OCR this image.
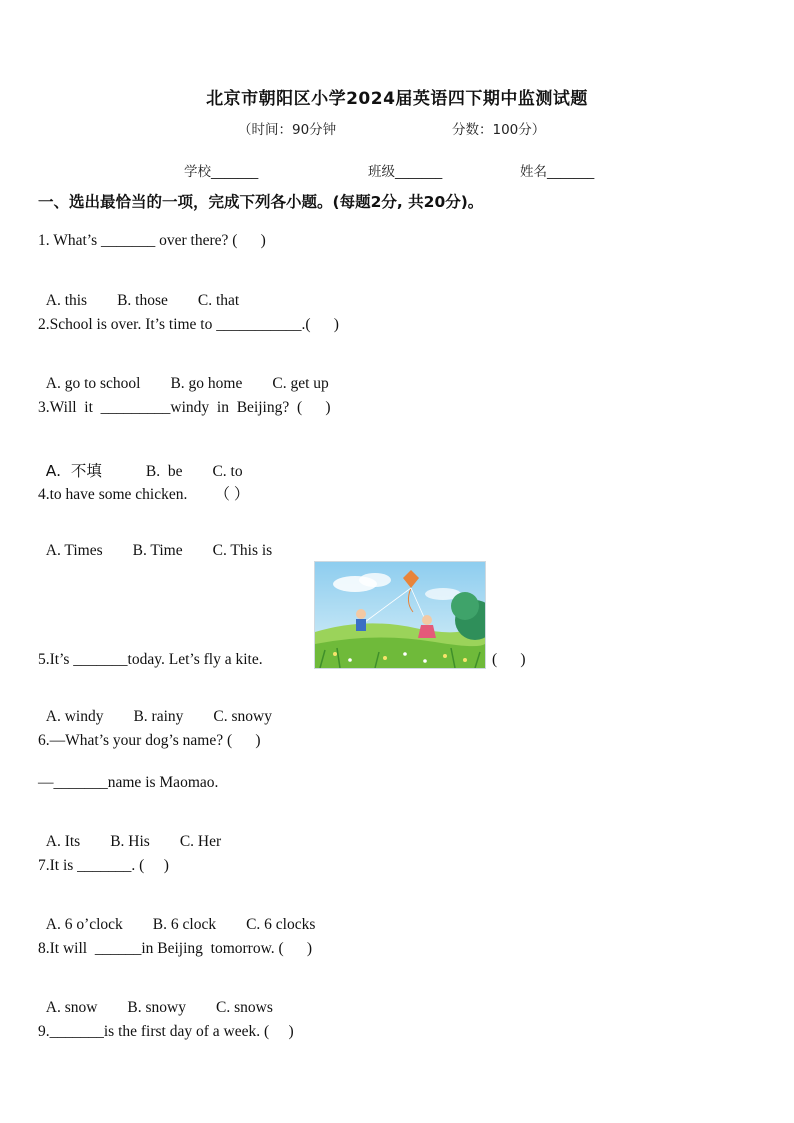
北京市朝阳区小学2024届英语四下期中监测试题
（时间：90分钟	分数：100分）
学校_______	班级_______	姓名_______
一、选出最恰当的一项，完成下列各小题。(每题2分, 共20分)。
1. What’s _______ over there? (      )

A. this B. those C. that

2.School is over. It’s time to ___________.(      )

A. go to school B. go home C. get up

3.Will  it  _________windy  in  Beijing?  (      )

A.  不填	B.  be C. to

4.to have some chicken.       （ ）

A. Times B. Time C. This is

5.It’s _______today. Let’s fly a kite.	(      )

A. windy B. rainy C. snowy

6.—What’s your dog’s name? (      )
—_______name is Maomao.

A. Its B. His C. Her

7.It is _______. (     )

A. 6 o’clock B. 6 clock C. 6 clocks

8.It will  ______in Beijing  tomorrow. (      )

A. snow B. snowy C. snows

9._______is the first day of a week. (     )
